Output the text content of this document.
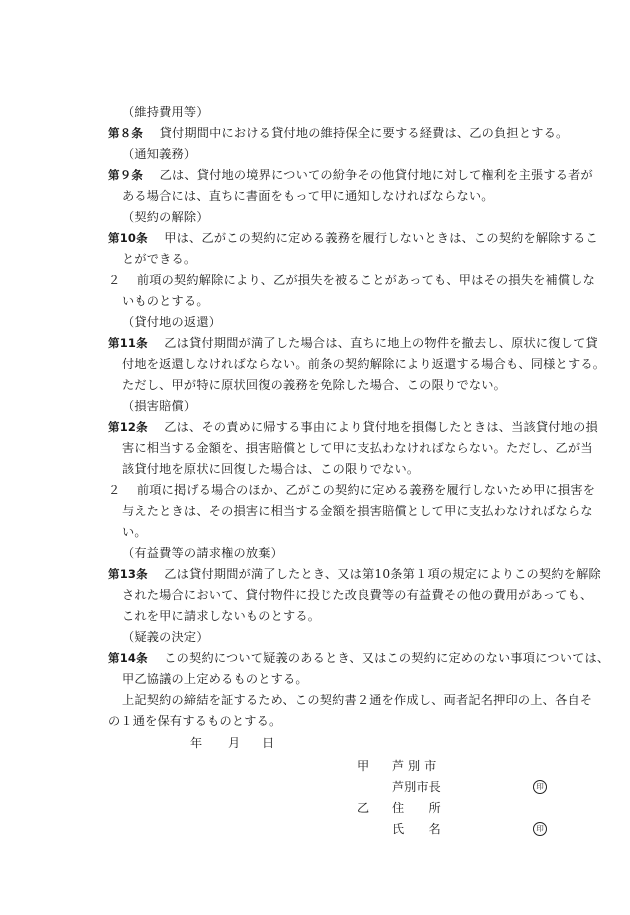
（維持費用等）
第８条　 貸付期間中における貸付地の維持保全に要する経費は、乙の負担とする。
（通知義務）
第９条　 乙は、貸付地の境界についての紛争その他貸付地に対して権利を主張する者が
ある場合には、直ちに書面をもって甲に通知しなければならない。
（契約の解除）
第10条　 甲は、乙がこの契約に定める義務を履行しないときは、この契約を解除するこ
とができる。
２　 前項の契約解除により、乙が損失を被ることがあっても、甲はその損失を補償しな
いものとする。
（貸付地の返還）
第11条　 乙は貸付期間が満了した場合は、直ちに地上の物件を撤去し、原状に復して貸
付地を返還しなければならない。前条の契約解除により返還する場合も、同様とする。
ただし、甲が特に原状回復の義務を免除した場合、この限りでない。
（損害賠償）
第12条　 乙は、その責めに帰する事由により貸付地を損傷したときは、当該貸付地の損
害に相当する金額を、損害賠償として甲に支払わなければならない。ただし、乙が当
該貸付地を原状に回復した場合は、この限りでない。
２　 前項に掲げる場合のほか、乙がこの契約に定める義務を履行しないため甲に損害を
与えたときは、その損害に相当する金額を損害賠償として甲に支払わなければならな
い。
（有益費等の請求権の放棄）
第13条　 乙は貸付期間が満了したとき、又は第10条第１項の規定によりこの契約を解除
された場合において、貸付物件に投じた改良費等の有益費その他の費用があっても、
これを甲に請求しないものとする。
（疑義の決定）
第14条　 この契約について疑義のあるとき、又はこの契約に定めのない事項については、
甲乙協議の上定めるものとする。
上記契約の締結を証するため、この契約書２通を作成し、両者記名押印の上、各自そ
の１通を保有するものとする。
年 月 日
甲 芦 別 市
芦別市長	印
乙 住　　所
氏　　名	印
